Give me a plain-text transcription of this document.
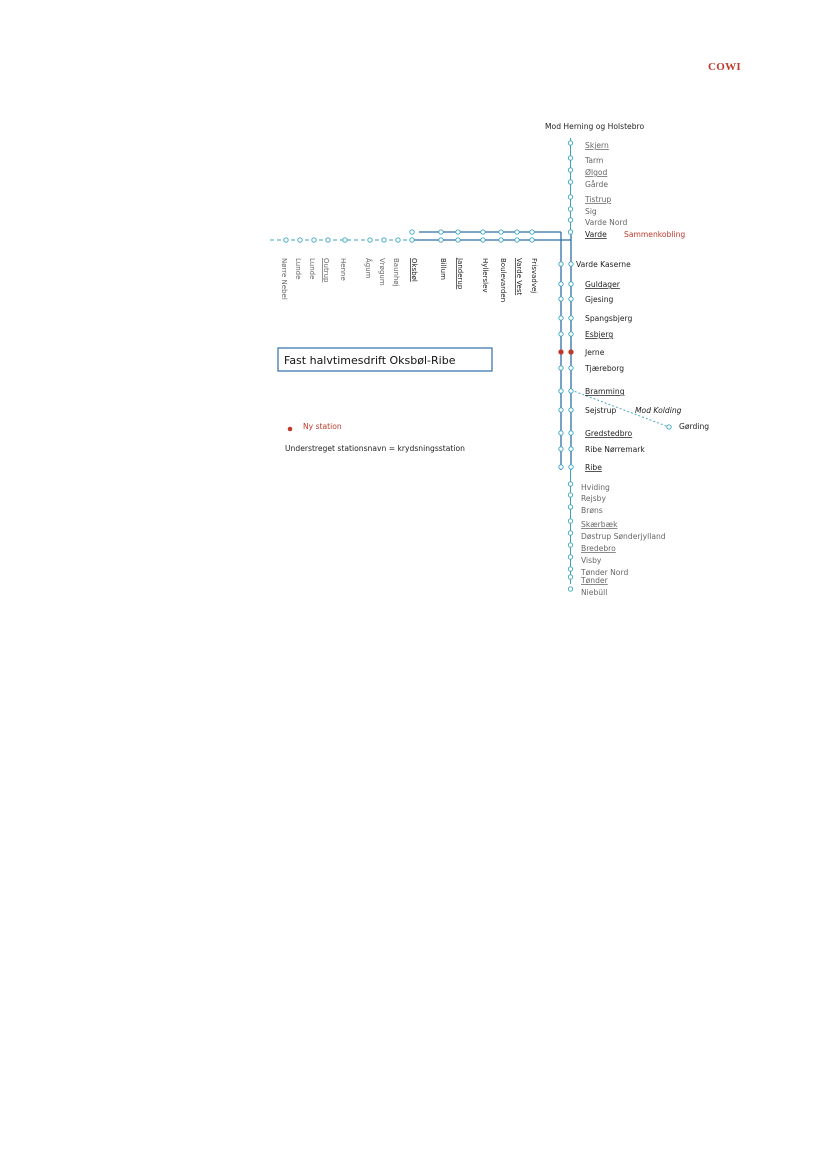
COWI
Skjern
Tarm
Ølgod
Gårde
Tistrup
Sig
Varde Nord
Varde
Varde Kaserne
Guldager
Gjesing
Spangsbjerg
Esbjerg
Jerne
Tjæreborg
Bramming
Sejstrup
Gredstedbro
Ribe Nørremark
Ribe
Hviding
Rejsby
Brøns
Skærbæk
Døstrup Sønderjylland
Bredebro
Visby
Tønder Nord
Tønder
Niebüll
Frisvadvej
Varde Vest
Boulevarden
Hyllerslev
Janderup
Billum
Oksbøl
Baunhøj
Vrøgum
Ågum
Henne
Outrup
Lunde
Lunde
Nørre Nebel
Mod Herning og Holstebro
Sammenkobling
Mod Kolding
Gørding
Fast halvtimesdrift Oksbøl-Ribe
Ny station
Understreget stationsnavn = krydsningsstation
